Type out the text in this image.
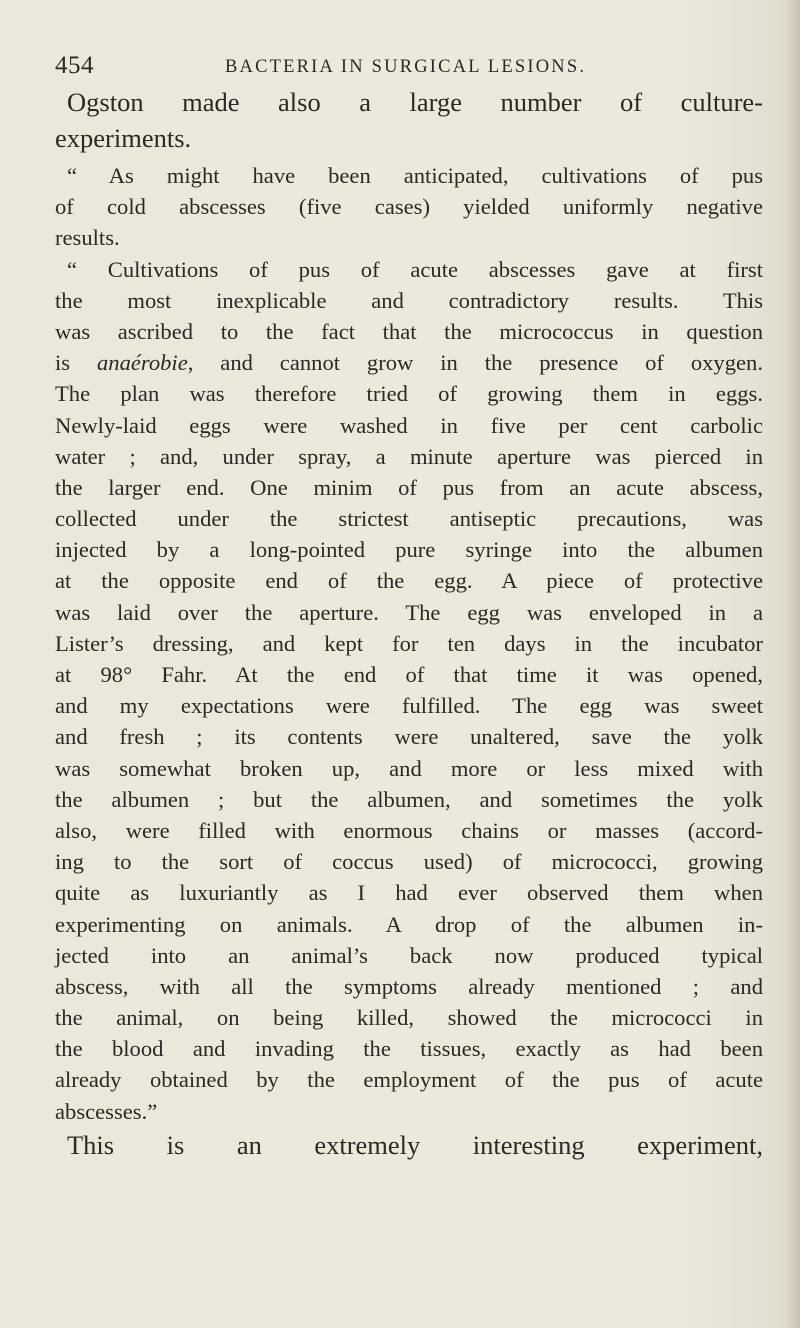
454	BACTERIA IN SURGICAL LESIONS.
Ogston made also a large number of culture-
experiments.
“ As might have been anticipated, cultivations of pus
of cold abscesses (five cases) yielded uniformly negative
results.
“ Cultivations of pus of acute abscesses gave at first
the most inexplicable and contradictory results. This
was ascribed to the fact that the micrococcus in question
is anaérobie, and cannot grow in the presence of oxygen.
The plan was therefore tried of growing them in eggs.
Newly-laid eggs were washed in five per cent carbolic
water ; and, under spray, a minute aperture was pierced in
the larger end. One minim of pus from an acute abscess,
collected under the strictest antiseptic precautions, was
injected by a long-pointed pure syringe into the albumen
at the opposite end of the egg. A piece of protective
was laid over the aperture. The egg was enveloped in a
Lister’s dressing, and kept for ten days in the incubator
at 98° Fahr. At the end of that time it was opened,
and my expectations were fulfilled. The egg was sweet
and fresh ; its contents were unaltered, save the yolk
was somewhat broken up, and more or less mixed with
the albumen ; but the albumen, and sometimes the yolk
also, were filled with enormous chains or masses (accord-
ing to the sort of coccus used) of micrococci, growing
quite as luxuriantly as I had ever observed them when
experimenting on animals. A drop of the albumen in-
jected into an animal’s back now produced typical
abscess, with all the symptoms already mentioned ; and
the animal, on being killed, showed the micrococci in
the blood and invading the tissues, exactly as had been
already obtained by the employment of the pus of acute
abscesses.”
This is an extremely interesting experiment,
